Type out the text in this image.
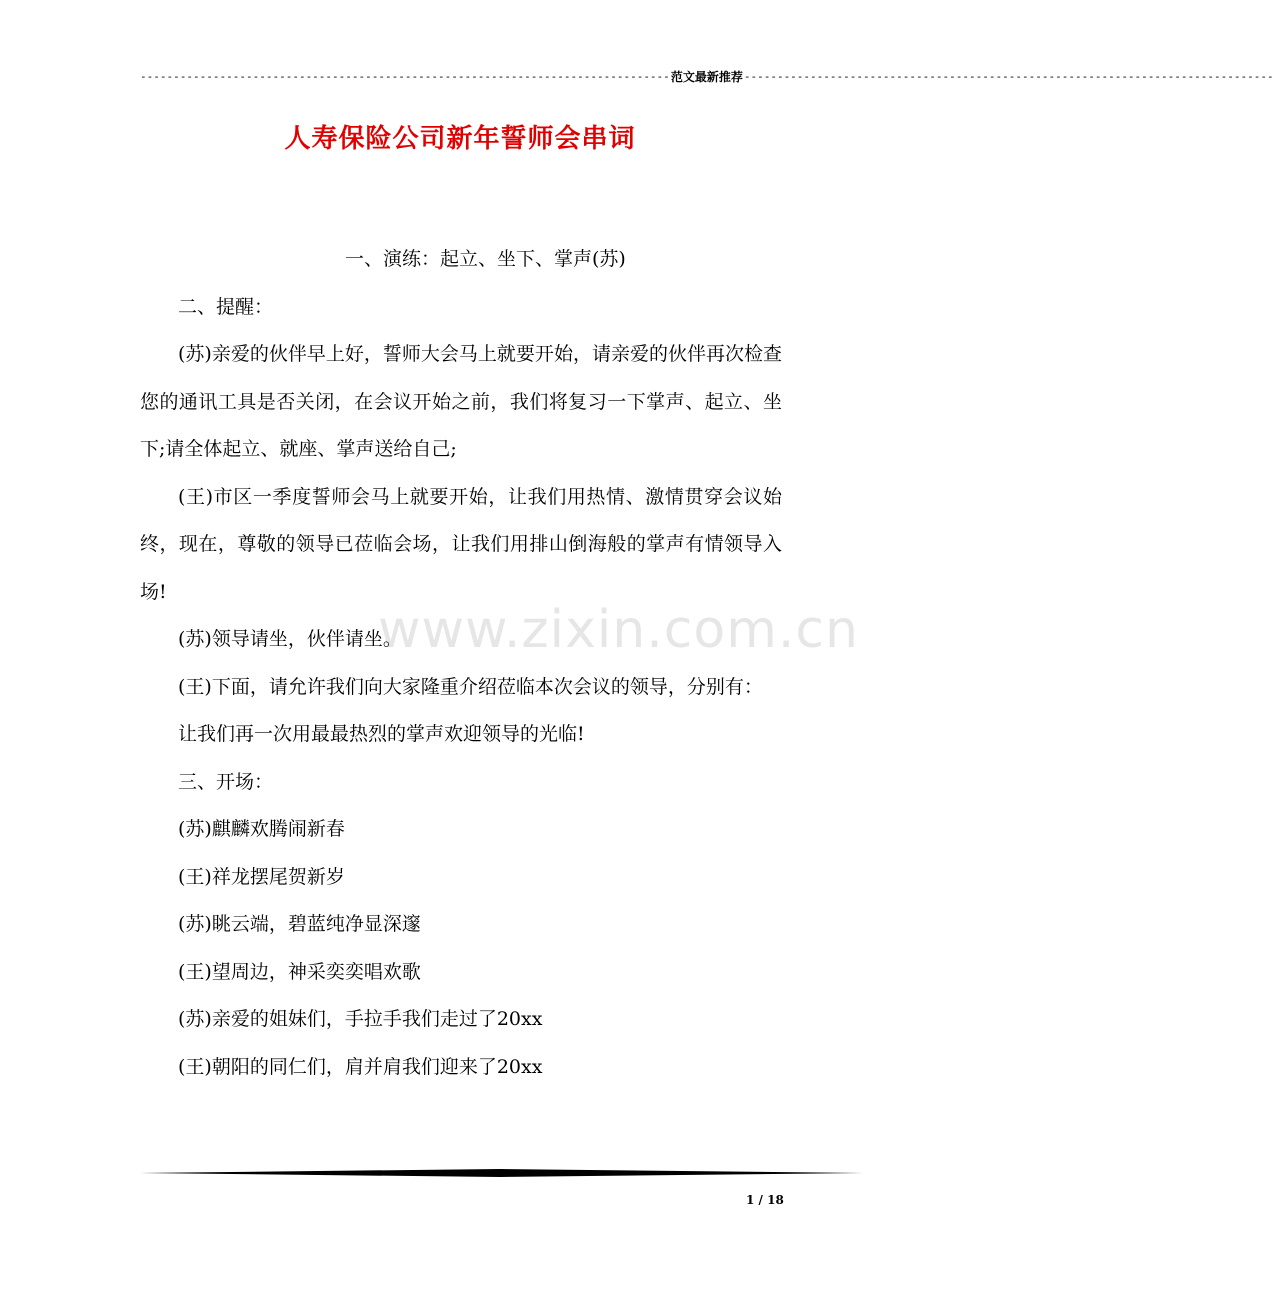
-------------------------------------------------------------------------------- 范文最新推荐 --------------------------------------------------------------------------------
人寿保险公司新年誓师会串词
www.zixin.com.cn

一、演练：起立、坐下、掌声(苏)

二、提醒：

(苏)亲爱的伙伴早上好，誓师大会马上就要开始，请亲爱的伙伴再次检查您的通讯工具是否关闭，在会议开始之前，我们将复习一下掌声、起立、坐下;请全体起立、就座、掌声送给自己;

(王)市区一季度誓师会马上就要开始，让我们用热情、激情贯穿会议始终，现在，尊敬的领导已莅临会场，让我们用排山倒海般的掌声有情领导入场!

(苏)领导请坐，伙伴请坐。

(王)下面，请允许我们向大家隆重介绍莅临本次会议的领导，分别有：

让我们再一次用最最热烈的掌声欢迎领导的光临!

三、开场：

(苏)麒麟欢腾闹新春

(王)祥龙摆尾贺新岁

(苏)眺云端，碧蓝纯净显深邃

(王)望周边，神采奕奕唱欢歌

(苏)亲爱的姐妹们，手拉手我们走过了20xx

(王)朝阳的同仁们，肩并肩我们迎来了20xx

1 / 18
